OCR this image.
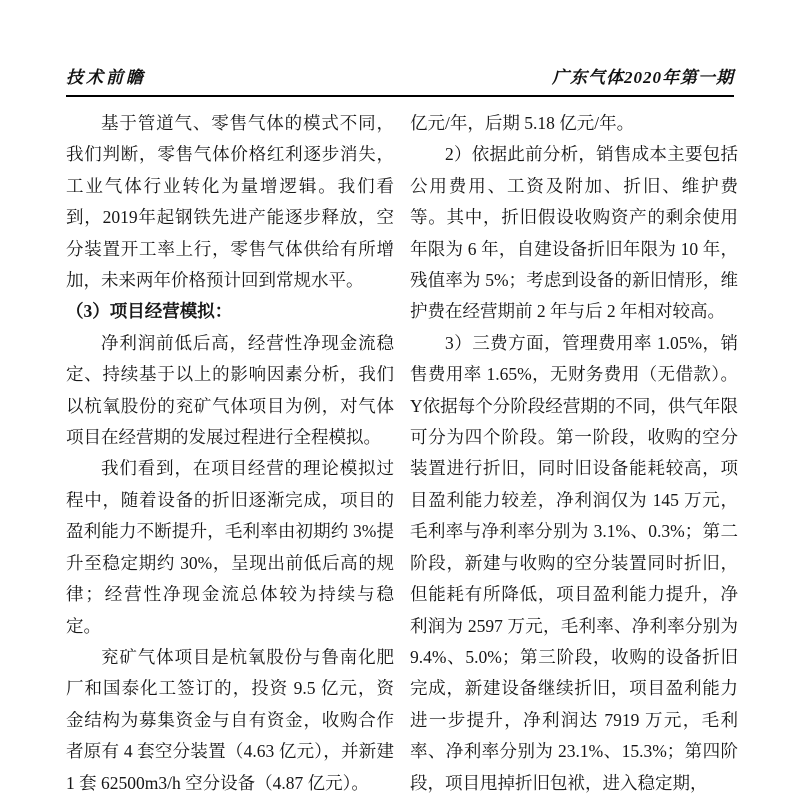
技术前瞻	广东气体2020年第一期

基于管道气、零售气体的模式不同，我们判断，零售气体价格红利逐步消失，工业气体行业转化为量增逻辑。我们看到，2019年起钢铁先进产能逐步释放，空分装置开工率上行，零售气体供给有所增加，未来两年价格预计回到常规水平。

（3）项目经营模拟：

净利润前低后高，经营性净现金流稳定、持续基于以上的影响因素分析，我们以杭氧股份的兖矿气体项目为例，对气体项目在经营期的发展过程进行全程模拟。

我们看到，在项目经营的理论模拟过程中，随着设备的折旧逐渐完成，项目的盈利能力不断提升，毛利率由初期约 3%提升至稳定期约 30%，呈现出前低后高的规律；经营性净现金流总体较为持续与稳定。

兖矿气体项目是杭氧股份与鲁南化肥厂和国泰化工签订的，投资 9.5 亿元，资金结构为募集资金与自有资金，收购合作者原有 4 套空分装置（4.63 亿元），并新建 1 套 62500m3/h 空分设备（4.87 亿元）。

亿元/年，后期 5.18 亿元/年。

2）依据此前分析，销售成本主要包括公用费用、工资及附加、折旧、维护费等。其中，折旧假设收购资产的剩余使用年限为 6 年，自建设备折旧年限为 10 年，残值率为 5%；考虑到设备的新旧情形，维护费在经营期前 2 年与后 2 年相对较高。

3）三费方面，管理费用率 1.05%，销售费用率 1.65%，无财务费用（无借款）。Υ依据每个分阶段经营期的不同，供气年限可分为四个阶段。第一阶段，收购的空分装置进行折旧，同时旧设备能耗较高，项目盈利能力较差，净利润仅为 145 万元，毛利率与净利率分别为 3.1%、0.3%；第二阶段，新建与收购的空分装置同时折旧，但能耗有所降低，项目盈利能力提升，净利润为 2597 万元，毛利率、净利率分别为 9.4%、5.0%；第三阶段，收购的设备折旧完成，新建设备继续折旧，项目盈利能力进一步提升，净利润达 7919 万元，毛利率、净利率分别为 23.1%、15.3%；第四阶段，项目甩掉折旧包袱，进入稳定期，
